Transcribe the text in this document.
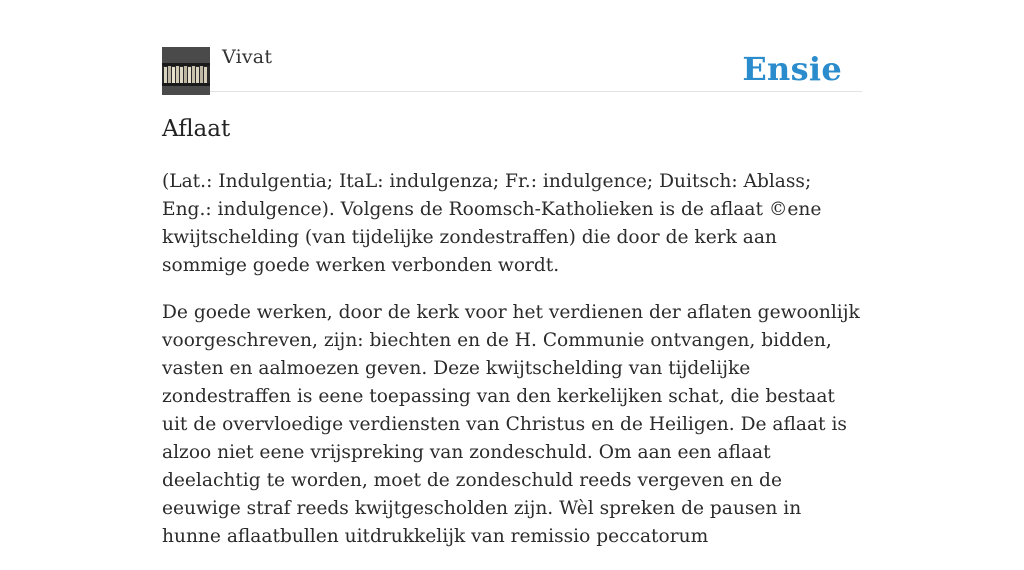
Vivat	Ensie
Aflaat

(Lat.: Indulgentia; ItaL: indulgenza; Fr.: indulgence; Duitsch: Ablass; Eng.: indulgence). Volgens de Roomsch-Katholieken is de aflaat ©ene kwijtschelding (van tijdelijke zondestraffen) die door de kerk aan sommige goede werken verbonden wordt.

De goede werken, door de kerk voor het verdienen der aflaten gewoonlijk voorgeschreven, zijn: biechten en de H. Communie ontvangen, bidden, vasten en aalmoezen geven. Deze kwijtschelding van tijdelijke zondestraffen is eene toepassing van den kerkelijken schat, die bestaat uit de overvloedige verdiensten van Christus en de Heiligen. De aflaat is alzoo niet eene vrijspreking van zondeschuld. Om aan een aflaat deelachtig te worden, moet de zondeschuld reeds vergeven en de eeuwige straf reeds kwijtgescholden zijn. Wèl spreken de pausen in hunne aflaatbullen uitdrukkelijk van remissio peccatorum
